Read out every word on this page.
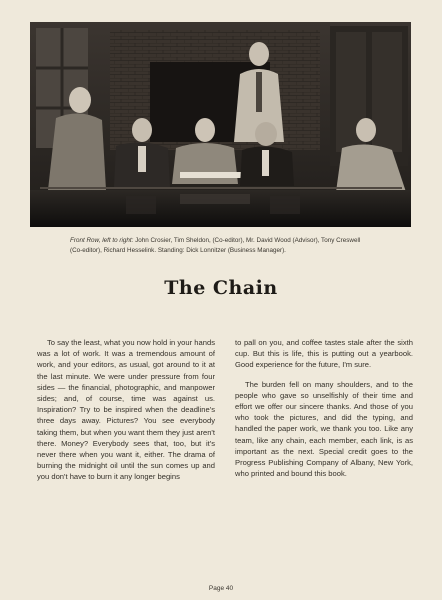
Front Row, left to right: John Crosier, Tim Sheldon, (Co-editor), Mr. David Wood (Advisor), Tony Creswell (Co-editor), Richard Hesselink. Standing: Dick Lonnitzer (Business Manager).
The Chain

To say the least, what you now hold in your hands was a lot of work. It was a tremendous amount of work, and your editors, as usual, got around to it at the last minute. We were under pressure from four sides — the financial, photographic, and manpower sides; and, of course, time was against us. Inspiration? Try to be inspired when the deadline's three days away. Pictures? You see everybody taking them, but when you want them they just aren't there. Money? Everybody sees that, too, but it's never there when you want it, either. The drama of burning the midnight oil until the sun comes up and you don't have to burn it any longer begins

to pall on you, and coffee tastes stale after the sixth cup. But this is life, this is putting out a yearbook. Good experience for the future, I'm sure.

The burden fell on many shoulders, and to the people who gave so unselfishly of their time and effort we offer our sincere thanks. And those of you who took the pictures, and did the typing, and handled the paper work, we thank you too. Like any team, like any chain, each member, each link, is as important as the next. Special credit goes to the Progress Publishing Company of Albany, New York, who printed and bound this book.

Page 40
